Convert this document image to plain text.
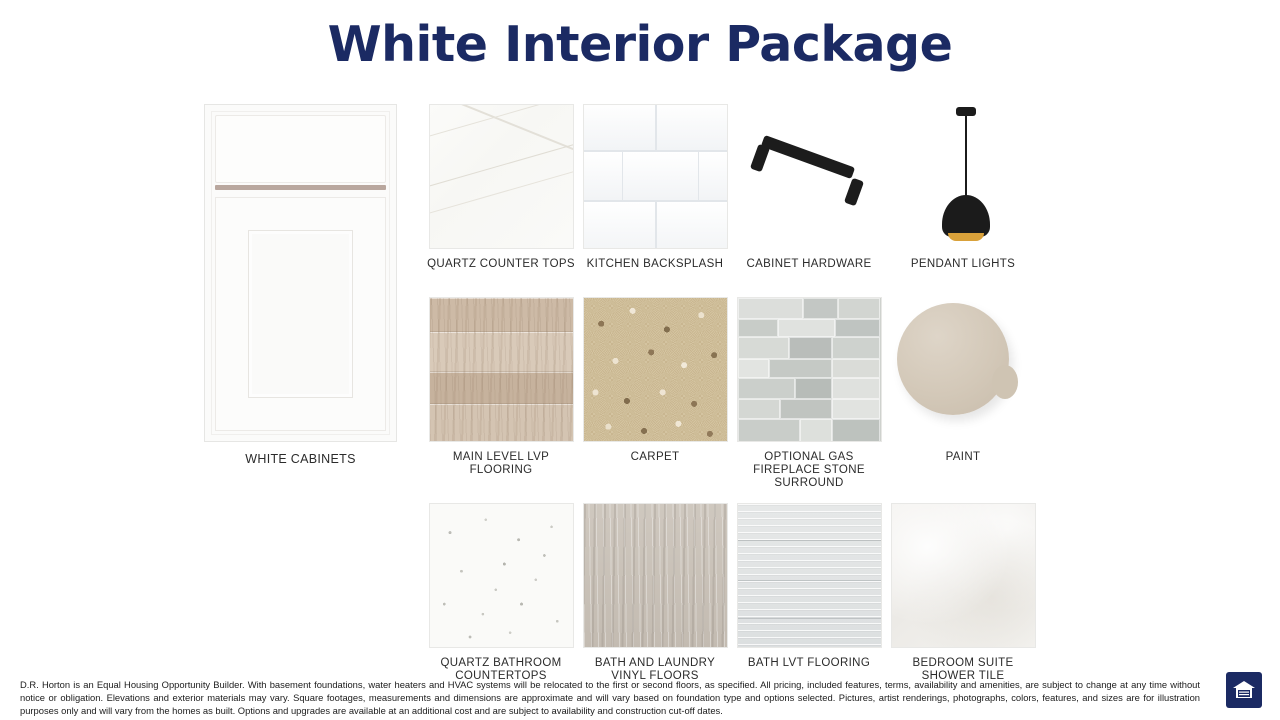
White Interior Package
WHITE CABINETS
QUARTZ COUNTER TOPS	KITCHEN BACKSPLASH	CABINET HARDWARE	PENDANT LIGHTS
MAIN LEVEL LVP FLOORING
CARPET	OPTIONAL GAS FIREPLACE STONE SURROUND
PAINT
QUARTZ BATHROOM COUNTERTOPS
BATH AND LAUNDRY VINYL FLOORS
BATH LVT FLOORING	BEDROOM SUITE SHOWER TILE
D.R. Horton is an Equal Housing Opportunity Builder. With basement foundations, water heaters and HVAC systems will be relocated to the first or second floors, as specified. All pricing, included features, terms, availability and amenities, are subject to change at any time without notice or obligation. Elevations and exterior materials may vary. Square footages, measurements and dimensions are approximate and will vary based on foundation type and options selected. Pictures, artist renderings, photographs, colors, features, and sizes are for illustration purposes only and will vary from the homes as built. Options and upgrades are available at an additional cost and are subject to availability and construction cut-off dates.
